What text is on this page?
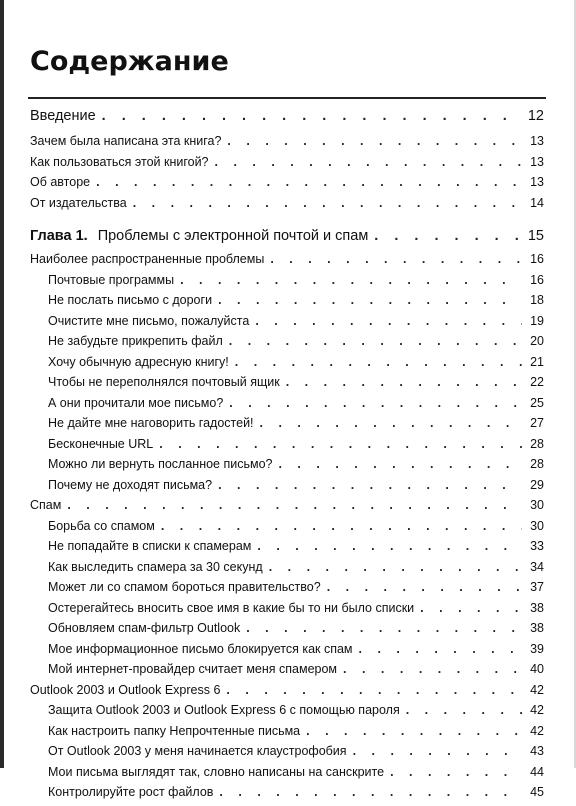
Содержание
Введение . . .	12
Зачем была написана эта книга? . . .	13
Как пользоваться этой книгой? . . .	13
Об авторе . . .	13
От издательства . . .	14
Глава 1. Проблемы с электронной почтой и спам . . .	15
Наиболее распространенные проблемы . . .	16
Почтовые программы . . .	16
Не послать письмо с дороги . . .	18
Очистите мне письмо, пожалуйста . . .	19
Не забудьте прикрепить файл . . .	20
Хочу обычную адресную книгу! . . .	21
Чтобы не переполнялся почтовый ящик . . .	22
А они прочитали мое письмо? . . .	25
Не дайте мне наговорить гадостей! . . .	27
Бесконечные URL . . .	28
Можно ли вернуть посланное письмо? . . .	28
Почему не доходят письма? . . .	29
Спам . . .	30
Борьба со спамом . . .	30
Не попадайте в списки к спамерам . . .	33
Как выследить спамера за 30 секунд . . .	34
Может ли со спамом бороться правительство? . . .	37
Остерегайтесь вносить свое имя в какие бы то ни было списки . . .	38
Обновляем спам-фильтр Outlook . . .	38
Мое информационное письмо блокируется как спам . . .	39
Мой интернет-провайдер считает меня спамером . . .	40
Outlook 2003 и Outlook Express 6 . . .	42
Защита Outlook 2003 и Outlook Express 6 с помощью пароля . . .	42
Как настроить папку Непрочтенные письма . . .	42
От Outlook 2003 у меня начинается клаустрофобия . . .	43
Мои письма выглядят так, словно написаны на санскрите . . .	44
Контролируйте рост файлов . . .	45
